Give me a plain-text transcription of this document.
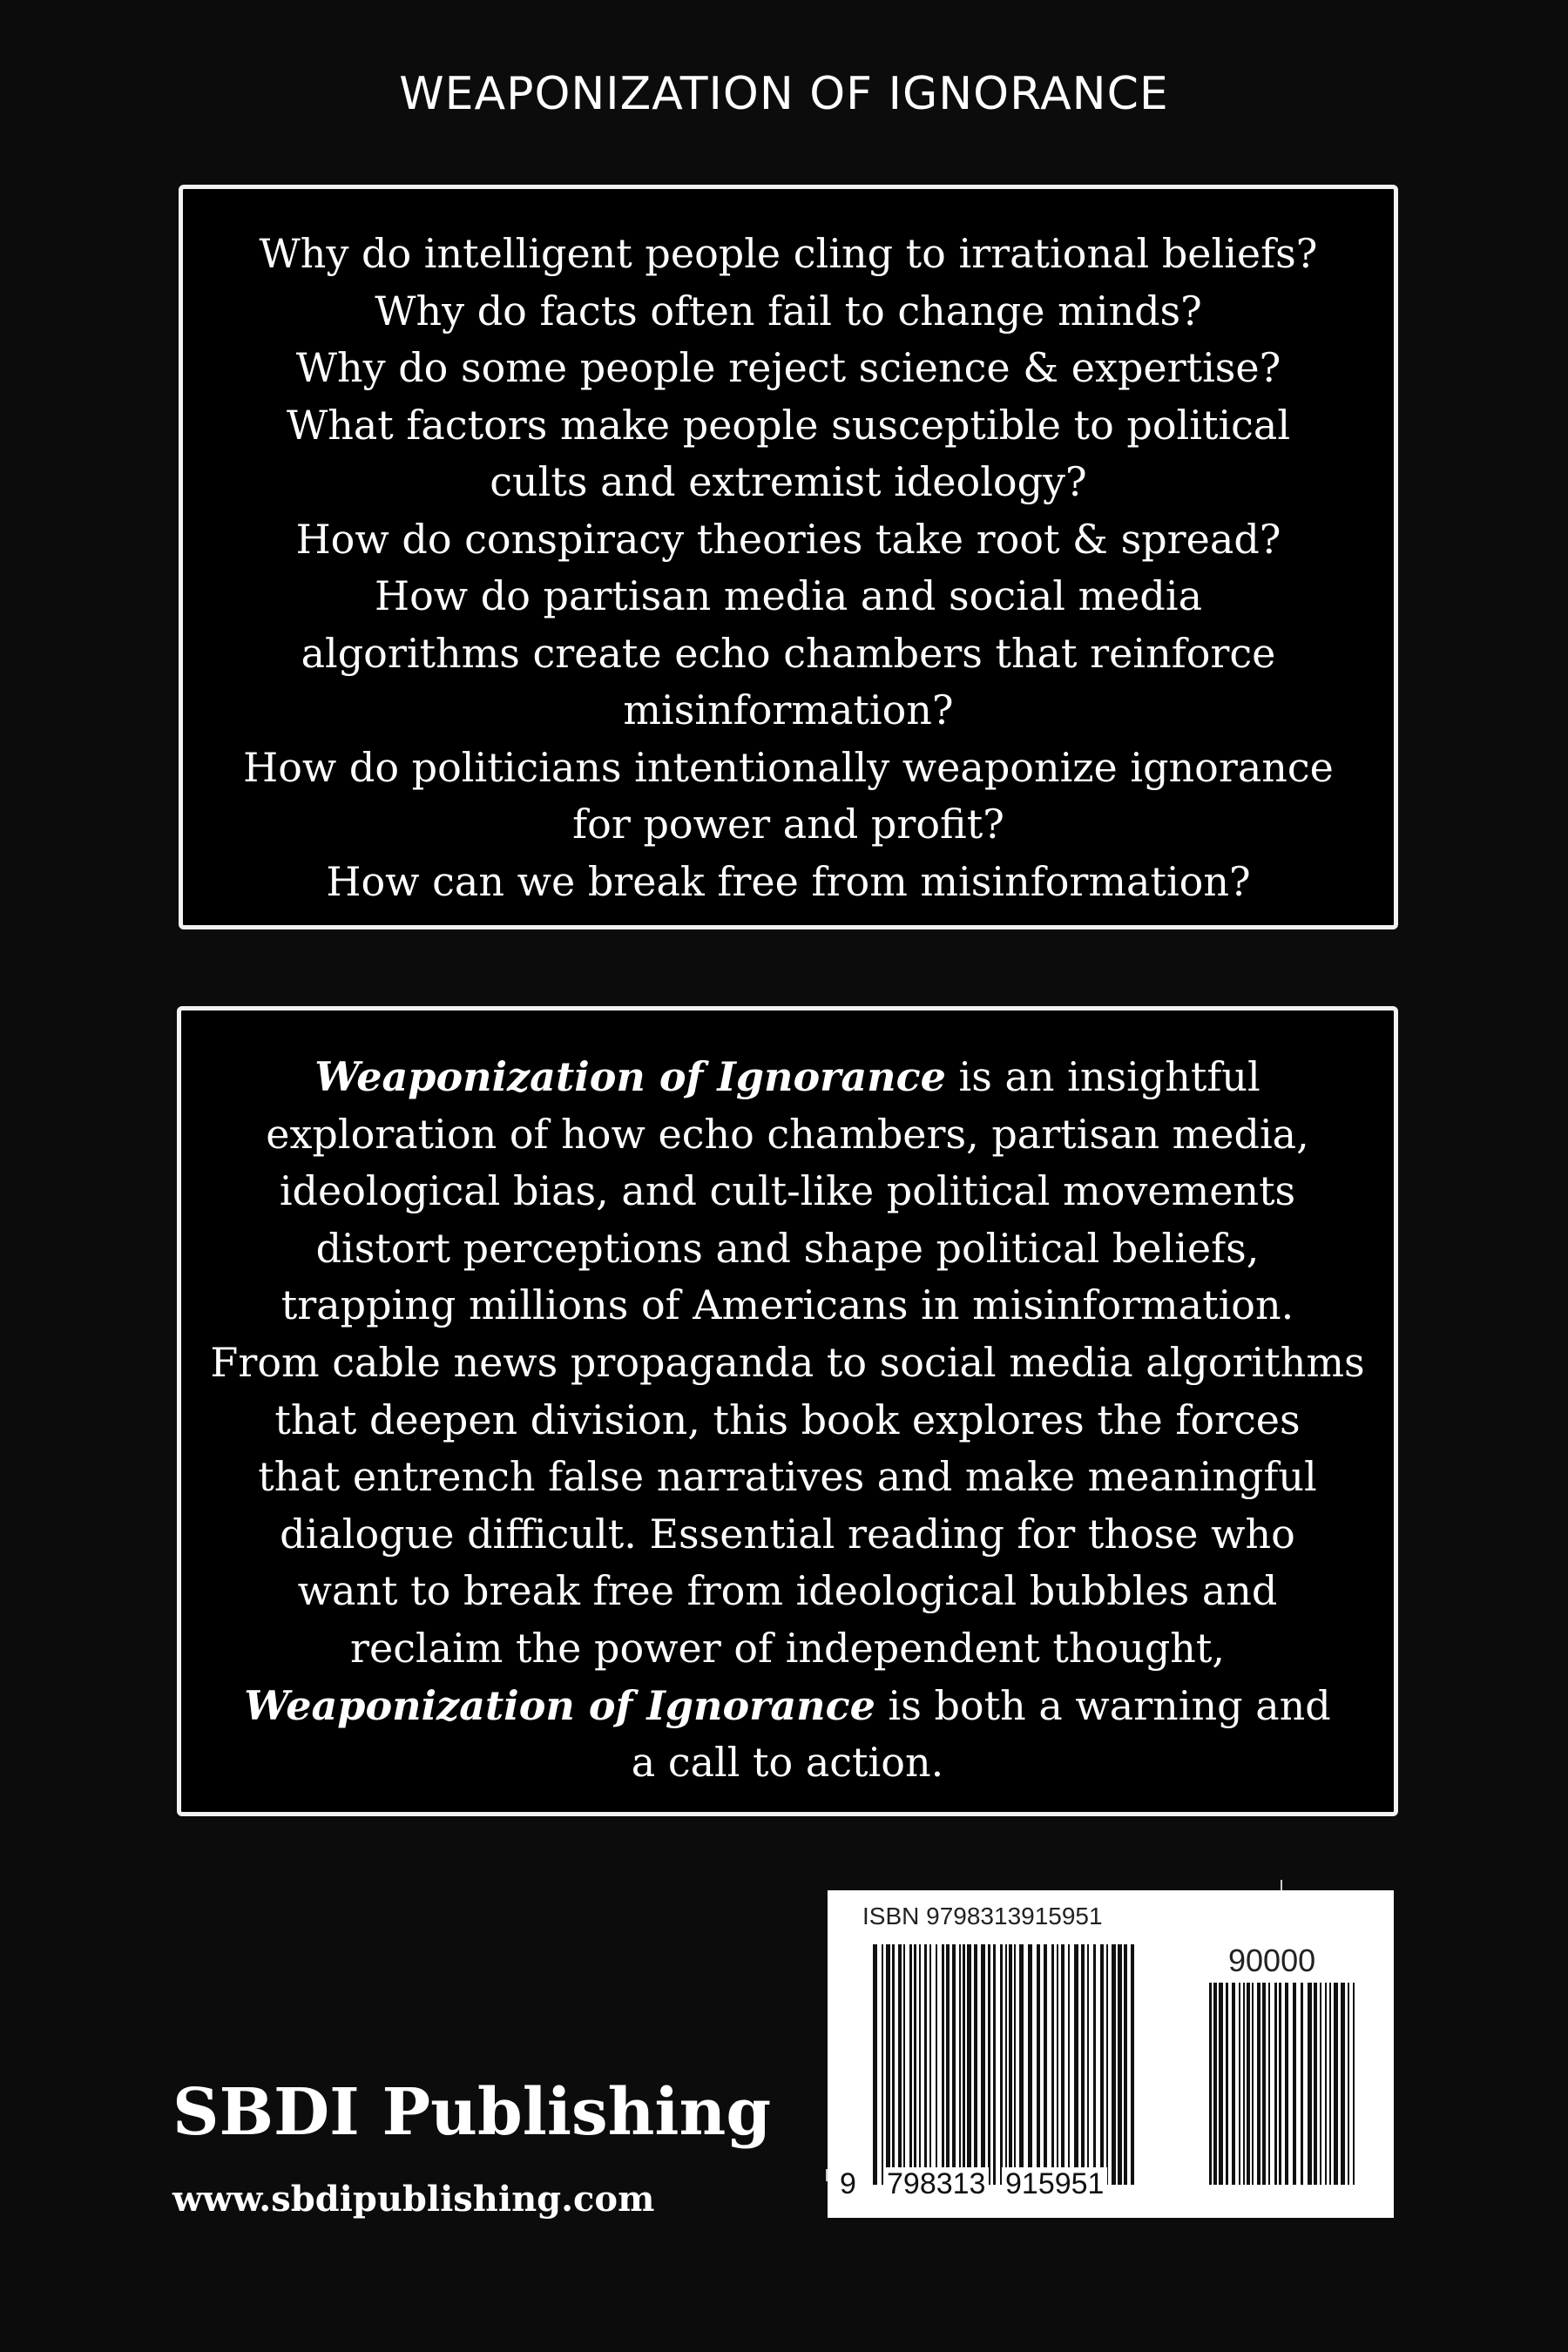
WEAPONIZATION OF IGNORANCE
Why do intelligent people cling to irrational beliefs?
Why do facts often fail to change minds?
Why do some people reject science & expertise?
What factors make people susceptible to political
cults and extremist ideology?
How do conspiracy theories take root & spread?
How do partisan media and social media
algorithms create echo chambers that reinforce
misinformation?
How do politicians intentionally weaponize ignorance
for power and profit?
How can we break free from misinformation?
Weaponization of Ignorance is an insightful
exploration of how echo chambers, partisan media,
ideological bias, and cult-like political movements
distort perceptions and shape political beliefs,
trapping millions of Americans in misinformation.
From cable news propaganda to social media algorithms
that deepen division, this book explores the forces
that entrench false narratives and make meaningful
dialogue difficult. Essential reading for those who
want to break free from ideological bubbles and
reclaim the power of independent thought,
Weaponization of Ignorance is both a warning and
a call to action.
ISBN 9798313915951
90000
9 798313 915951
SBDI Publishing
www.sbdipublishing.com
